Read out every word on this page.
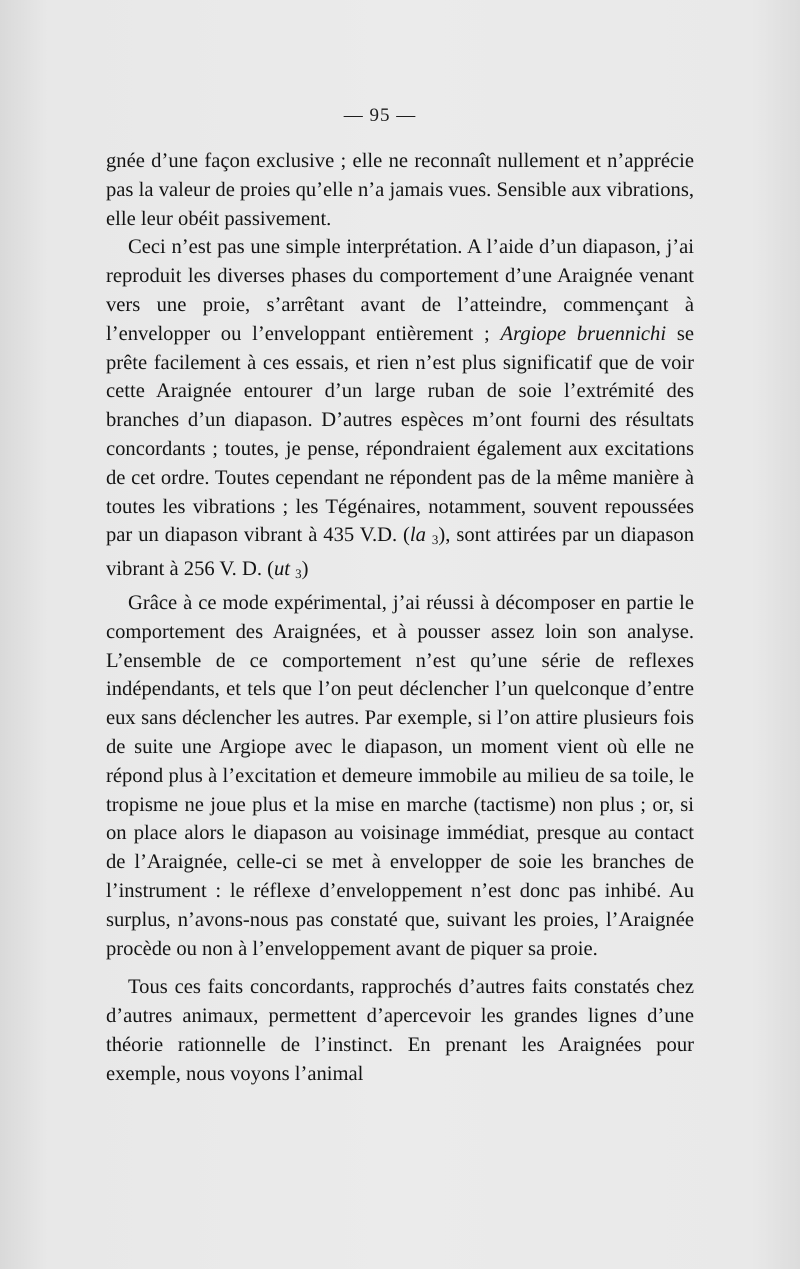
— 95 —

gnée d’une façon exclusive ; elle ne reconnaît nullement et n’apprécie pas la valeur de proies qu’elle n’a jamais vues. Sensible aux vibrations, elle leur obéit passivement.

Ceci n’est pas une simple interprétation. A l’aide d’un diapason, j’ai reproduit les diverses phases du comportement d’une Araignée venant vers une proie, s’arrêtant avant de l’atteindre, commençant à l’envelopper ou l’enveloppant entièrement ; Argiope bruennichi se prête facilement à ces essais, et rien n’est plus significatif que de voir cette Araignée entourer d’un large ruban de soie l’extrémité des branches d’un diapason. D’autres espèces m’ont fourni des résultats concordants ; toutes, je pense, répondraient également aux excitations de cet ordre. Toutes cependant ne répondent pas de la même manière à toutes les vibrations ; les Tégénaires, notamment, souvent repoussées par un diapason vibrant à 435 V.D. (la $_3$), sont attirées par un diapason vibrant à 256 V. D. (ut $_3$)

Grâce à ce mode expérimental, j’ai réussi à décomposer en partie le comportement des Araignées, et à pousser assez loin son analyse. L’ensemble de ce comportement n’est qu’une série de reflexes indépendants, et tels que l’on peut déclencher l’un quelconque d’entre eux sans déclencher les autres. Par exemple, si l’on attire plusieurs fois de suite une Argiope avec le diapason, un moment vient où elle ne répond plus à l’excitation et demeure immobile au milieu de sa toile, le tropisme ne joue plus et la mise en marche (tactisme) non plus ; or, si on place alors le diapason au voisinage immédiat, presque au contact de l’Araignée, celle-ci se met à envelopper de soie les branches de l’instrument : le réflexe d’enveloppement n’est donc pas inhibé. Au surplus, n’avons-nous pas constaté que, suivant les proies, l’Araignée procède ou non à l’enveloppement avant de piquer sa proie.

Tous ces faits concordants, rapprochés d’autres faits constatés chez d’autres animaux, permettent d’apercevoir les grandes lignes d’une théorie rationnelle de l’instinct. En prenant les Araignées pour exemple, nous voyons l’animal
